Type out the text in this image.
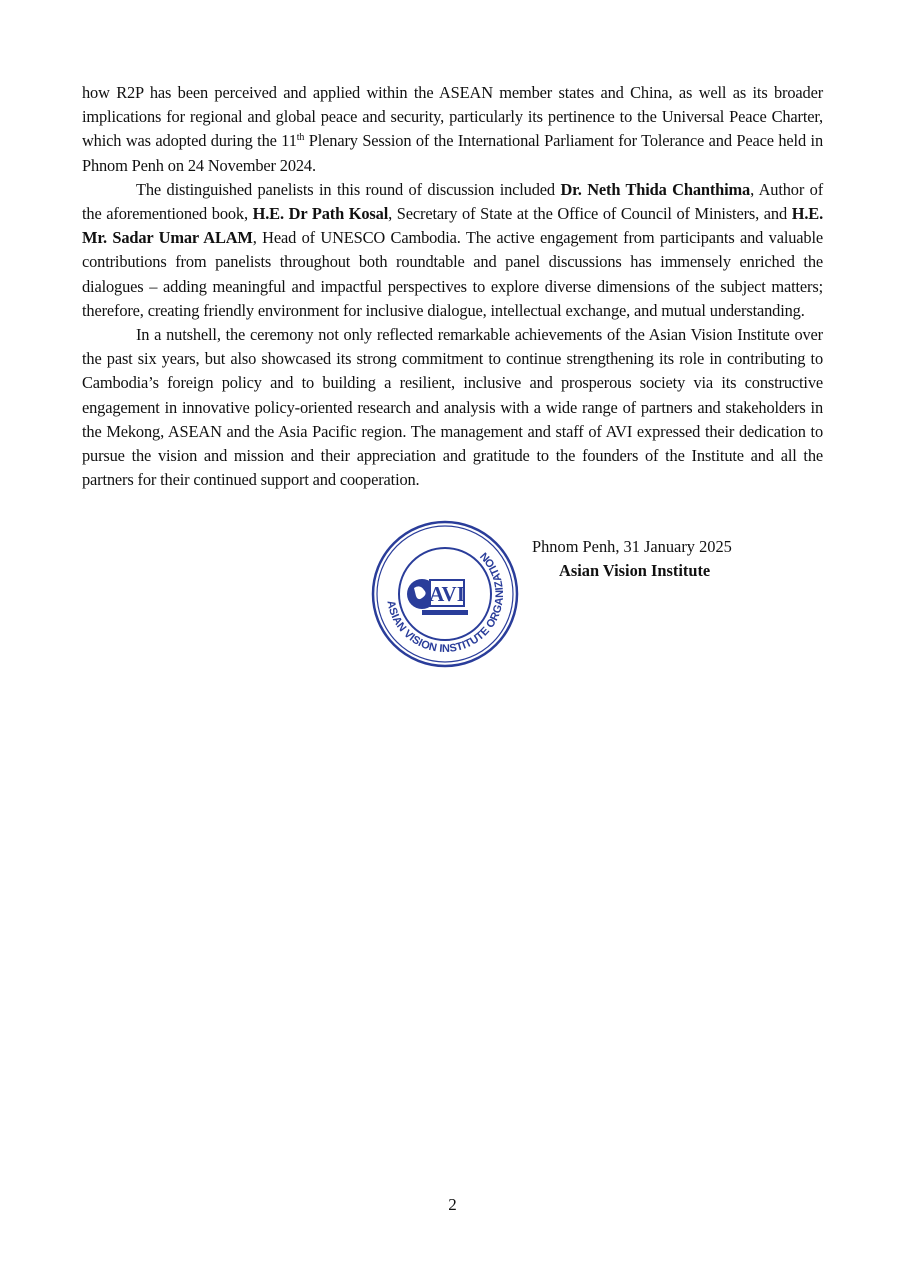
how R2P has been perceived and applied within the ASEAN member states and China, as well as its broader implications for regional and global peace and security, particularly its pertinence to the Universal Peace Charter, which was adopted during the 11th Plenary Session of the International Parliament for Tolerance and Peace held in Phnom Penh on 24 November 2024.

The distinguished panelists in this round of discussion included Dr. Neth Thida Chanthima, Author of the aforementioned book, H.E. Dr Path Kosal, Secretary of State at the Office of Council of Ministers, and H.E. Mr. Sadar Umar ALAM, Head of UNESCO Cambodia. The active engagement from participants and valuable contributions from panelists throughout both roundtable and panel discussions has immensely enriched the dialogues – adding meaningful and impactful perspectives to explore diverse dimensions of the subject matters; therefore, creating friendly environment for inclusive dialogue, intellectual exchange, and mutual understanding.

In a nutshell, the ceremony not only reflected remarkable achievements of the Asian Vision Institute over the past six years, but also showcased its strong commitment to continue strengthening its role in contributing to Cambodia’s foreign policy and to building a resilient, inclusive and prosperous society via its constructive engagement in innovative policy-oriented research and analysis with a wide range of partners and stakeholders in the Mekong, ASEAN and the Asia Pacific region. The management and staff of AVI expressed their dedication to pursue the vision and mission and their appreciation and gratitude to the founders of the Institute and all the partners for their continued support and cooperation.

Phnom Penh, 31 January 2025
Asian Vision Institute
ASIAN VISION INSTITUTE ORGANIZATION
AVI
2
